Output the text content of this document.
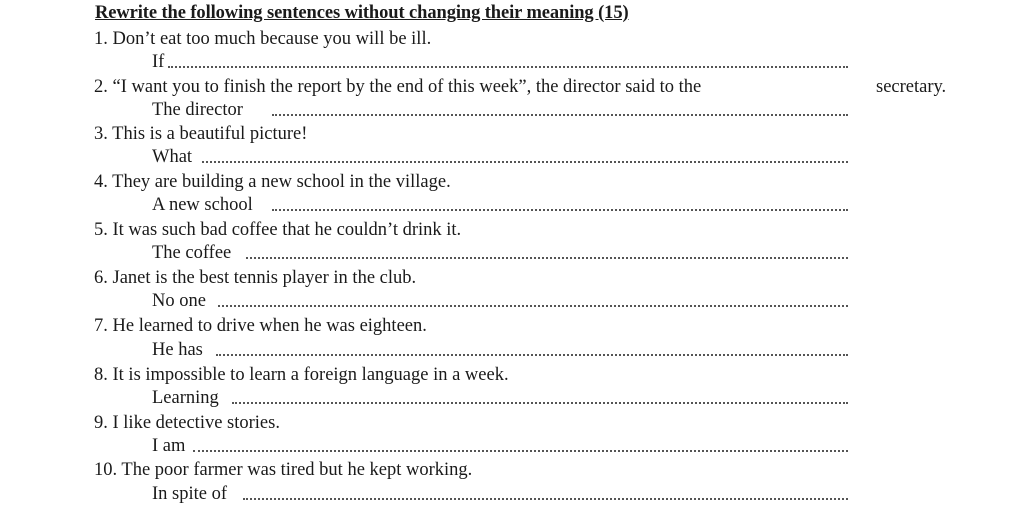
Rewrite the following sentences without changing their meaning (15)
1. Don’t eat too much because you will be ill.
If
2. “I want you to finish the report by the end of this week”, the director said to the	secretary.
The director
3. This is a beautiful picture!
What
4. They are building a new school in the village.
A new school
5. It was such bad coffee that he couldn’t drink it.
The coffee
6. Janet is the best tennis player in the club.
No one
7. He learned to drive when he was eighteen.
He has
8. It is impossible to learn a foreign language in a week.
Learning
9. I like detective stories.
I am
10. The poor farmer was tired but he kept working.
In spite of
